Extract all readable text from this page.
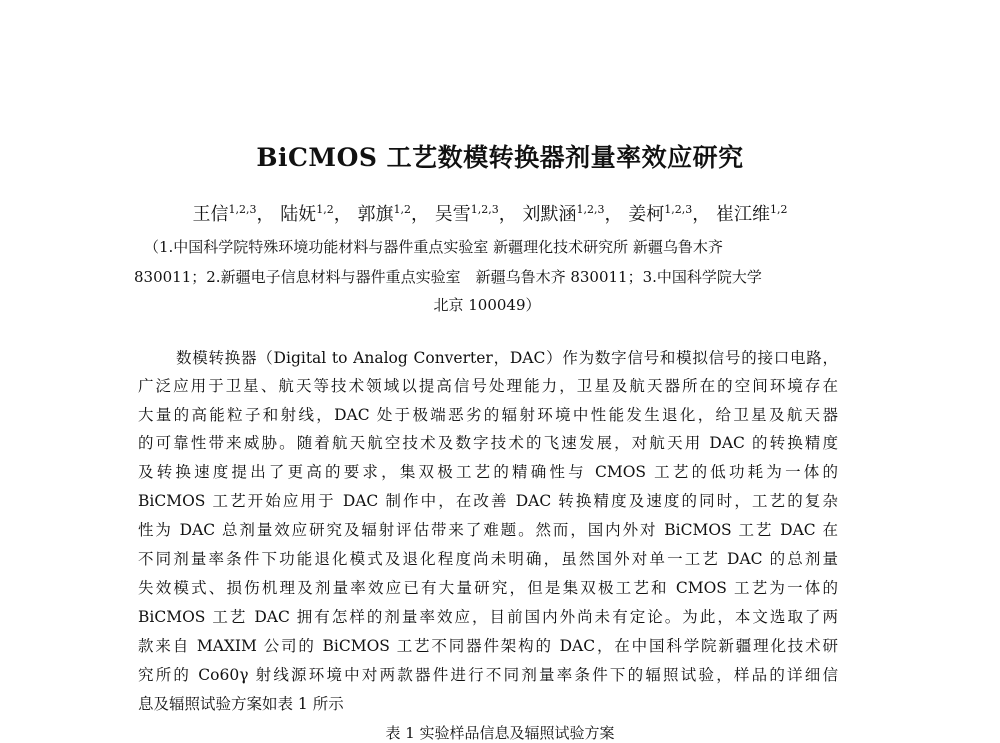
BiCMOS 工艺数模转换器剂量率效应研究
王信$^{1,2,3}$， 陆妩$^{1,2}$， 郭旗$^{1,2}$， 吴雪$^{1,2,3}$， 刘默涵$^{1,2,3}$， 姜柯$^{1,2,3}$， 崔江维$^{1,2}$
（1.中国科学院特殊环境功能材料与器件重点实验室 新疆理化技术研究所 新疆乌鲁木齐
830011；2.新疆电子信息材料与器件重点实验室　新疆乌鲁木齐 830011；3.中国科学院大学
北京 100049）
数模转换器（Digital to Analog Converter，DAC）作为数字信号和模拟信号的接口电路，
广泛应用于卫星、航天等技术领域以提高信号处理能力，卫星及航天器所在的空间环境存在
大量的高能粒子和射线，DAC 处于极端恶劣的辐射环境中性能发生退化，给卫星及航天器
的可靠性带来威胁。随着航天航空技术及数字技术的飞速发展，对航天用 DAC 的转换精度
及转换速度提出了更高的要求，集双极工艺的精确性与 CMOS 工艺的低功耗为一体的
BiCMOS 工艺开始应用于 DAC 制作中，在改善 DAC 转换精度及速度的同时，工艺的复杂
性为 DAC 总剂量效应研究及辐射评估带来了难题。然而，国内外对 BiCMOS 工艺 DAC 在
不同剂量率条件下功能退化模式及退化程度尚未明确，虽然国外对单一工艺 DAC 的总剂量
失效模式、损伤机理及剂量率效应已有大量研究，但是集双极工艺和 CMOS 工艺为一体的
BiCMOS 工艺 DAC 拥有怎样的剂量率效应，目前国内外尚未有定论。为此，本文选取了两
款来自 MAXIM 公司的 BiCMOS 工艺不同器件架构的 DAC，在中国科学院新疆理化技术研
究所的 Co60γ 射线源环境中对两款器件进行不同剂量率条件下的辐照试验，样品的详细信
息及辐照试验方案如表 1 所示
表 1 实验样品信息及辐照试验方案
